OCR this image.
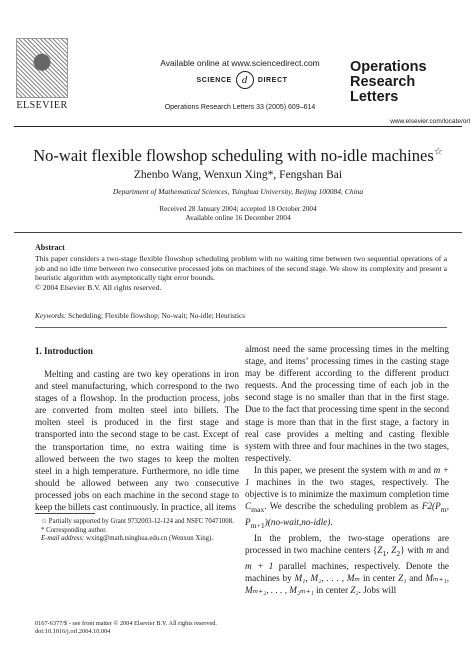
ELSEVIER
Available online at www.sciencedirect.com
SCIENCE d	DIRECT
Operations Research Letters 33 (2005) 609–614
Operations
Research
Letters
www.elsevier.com/locate/orl
No-wait flexible flowshop scheduling with no-idle machines☆
Zhenbo Wang, Wenxun Xing*, Fengshan Bai
Department of Mathematical Sciences, Tsinghua University, Beijing 100084, China
Received 28 January 2004; accepted 18 October 2004
Available online 16 December 2004
Abstract
This paper considers a two-stage flexible flowshop scheduling problem with no waiting time between two sequential operations of a job and no idle time between two consecutive processed jobs on machines of the second stage. We show its complexity and present a heuristic algorithm with asymptotically tight error bounds.
© 2004 Elsevier B.V. All rights reserved.
Keywords: Scheduling; Flexible flowshop; No-wait; No-idle; Heuristics
1. Introduction

Melting and casting are two key operations in iron and steel manufacturing, which correspond to the two stages of a flowshop. In the production process, jobs are converted from molten steel into billets. The molten steel is produced in the first stage and transported into the second stage to be cast. Except of the transportation time, no extra waiting time is allowed between the two stages to keep the molten steel in a high temperature. Furthermore, no idle time should be allowed between any two consecutive processed jobs on each machine in the second stage to keep the billets cast continuously. In practice, all items

almost need the same processing times in the melting stage, and items’ processing times in the casting stage may be different according to the different product requests. And the processing time of each job in the second stage is no smaller than that in the first stage. Due to the fact that processing time spent in the second stage is more than that in the first stage, a factory in real case provides a melting and casting flexible system with three and four machines in the two stages, respectively.

In this paper, we present the system with m and m + 1 machines in the two stages, respectively. The objective is to minimize the maximum completion time $C_{max}$. We describe the scheduling problem as $F2(P_m$, $P_{m+1})(no-wait,no-idle)$.

In the problem, the two-stage operations are processed in two machine centers {$Z_1$, $Z_2$} with m and m + 1 parallel machines, respectively. Denote the machines by M₁, M₂, . . . , Mₘ in center Z₁ and Mₘ₊₁, Mₘ₊₂, . . . , M₂ₘ₊₁ in center Z₂. Jobs will

☆ Partially supported by Grant 9732003-12-124 and NSFC 70471008.
* Corresponding author.
E-mail address: wxing@math.tsinghua.edu.cn (Wenxun Xing).
0167-6377/$ - see front matter © 2004 Elsevier B.V. All rights reserved.
doi:10.1016/j.orl.2004.10.004
